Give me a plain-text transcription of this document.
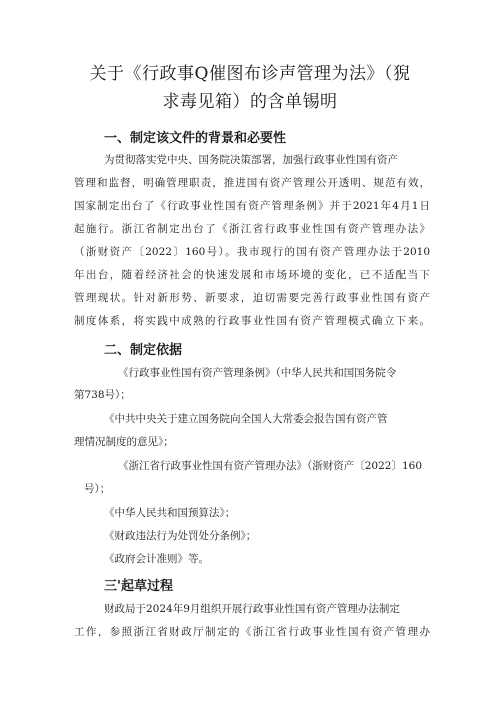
关于《行政事Q催图布诊声管理为法》（猊
求毒见箱）的含单锡明
一、制定该文件的背景和必要性
为贯彻落实党中央、国务院决策部署，加强行政事业性国有资产
管理和监督，明确管理职责，推进国有资产管理公开透明、规范有效，
国家制定出台了《行政事业性国有资产管理条例》并于2021年4月1日
起施行。浙江省制定出台了《浙江省行政事业性国有资产管理办法》
（浙财资产〔2022〕160号）。我市现行的国有资产管理办法于2010
年出台，随着经济社会的快速发展和市场环境的变化，已不适配当下
管理现状。针对新形势、新要求，迫切需要完善行政事业性国有资产
制度体系，将实践中成熟的行政事业性国有资产管理模式确立下来。
二、制定依据
《行政事业性国有资产管理条例》（中华人民共和国国务院令
第738号）；
《中共中央关于建立国务院向全国人大常委会报告国有资产管
理情况制度的意见》；
《浙江省行政事业性国有资产管理办法》（浙财资产〔2022〕160
号）；
《中华人民共和国预算法》；
《财政违法行为处罚处分条例》；
《政府会计准则》等。
三'起草过程
财政局于2024年9月组织开展行政事业性国有资产管理办法制定
工作，参照浙江省财政厅制定的《浙江省行政事业性国有资产管理办
